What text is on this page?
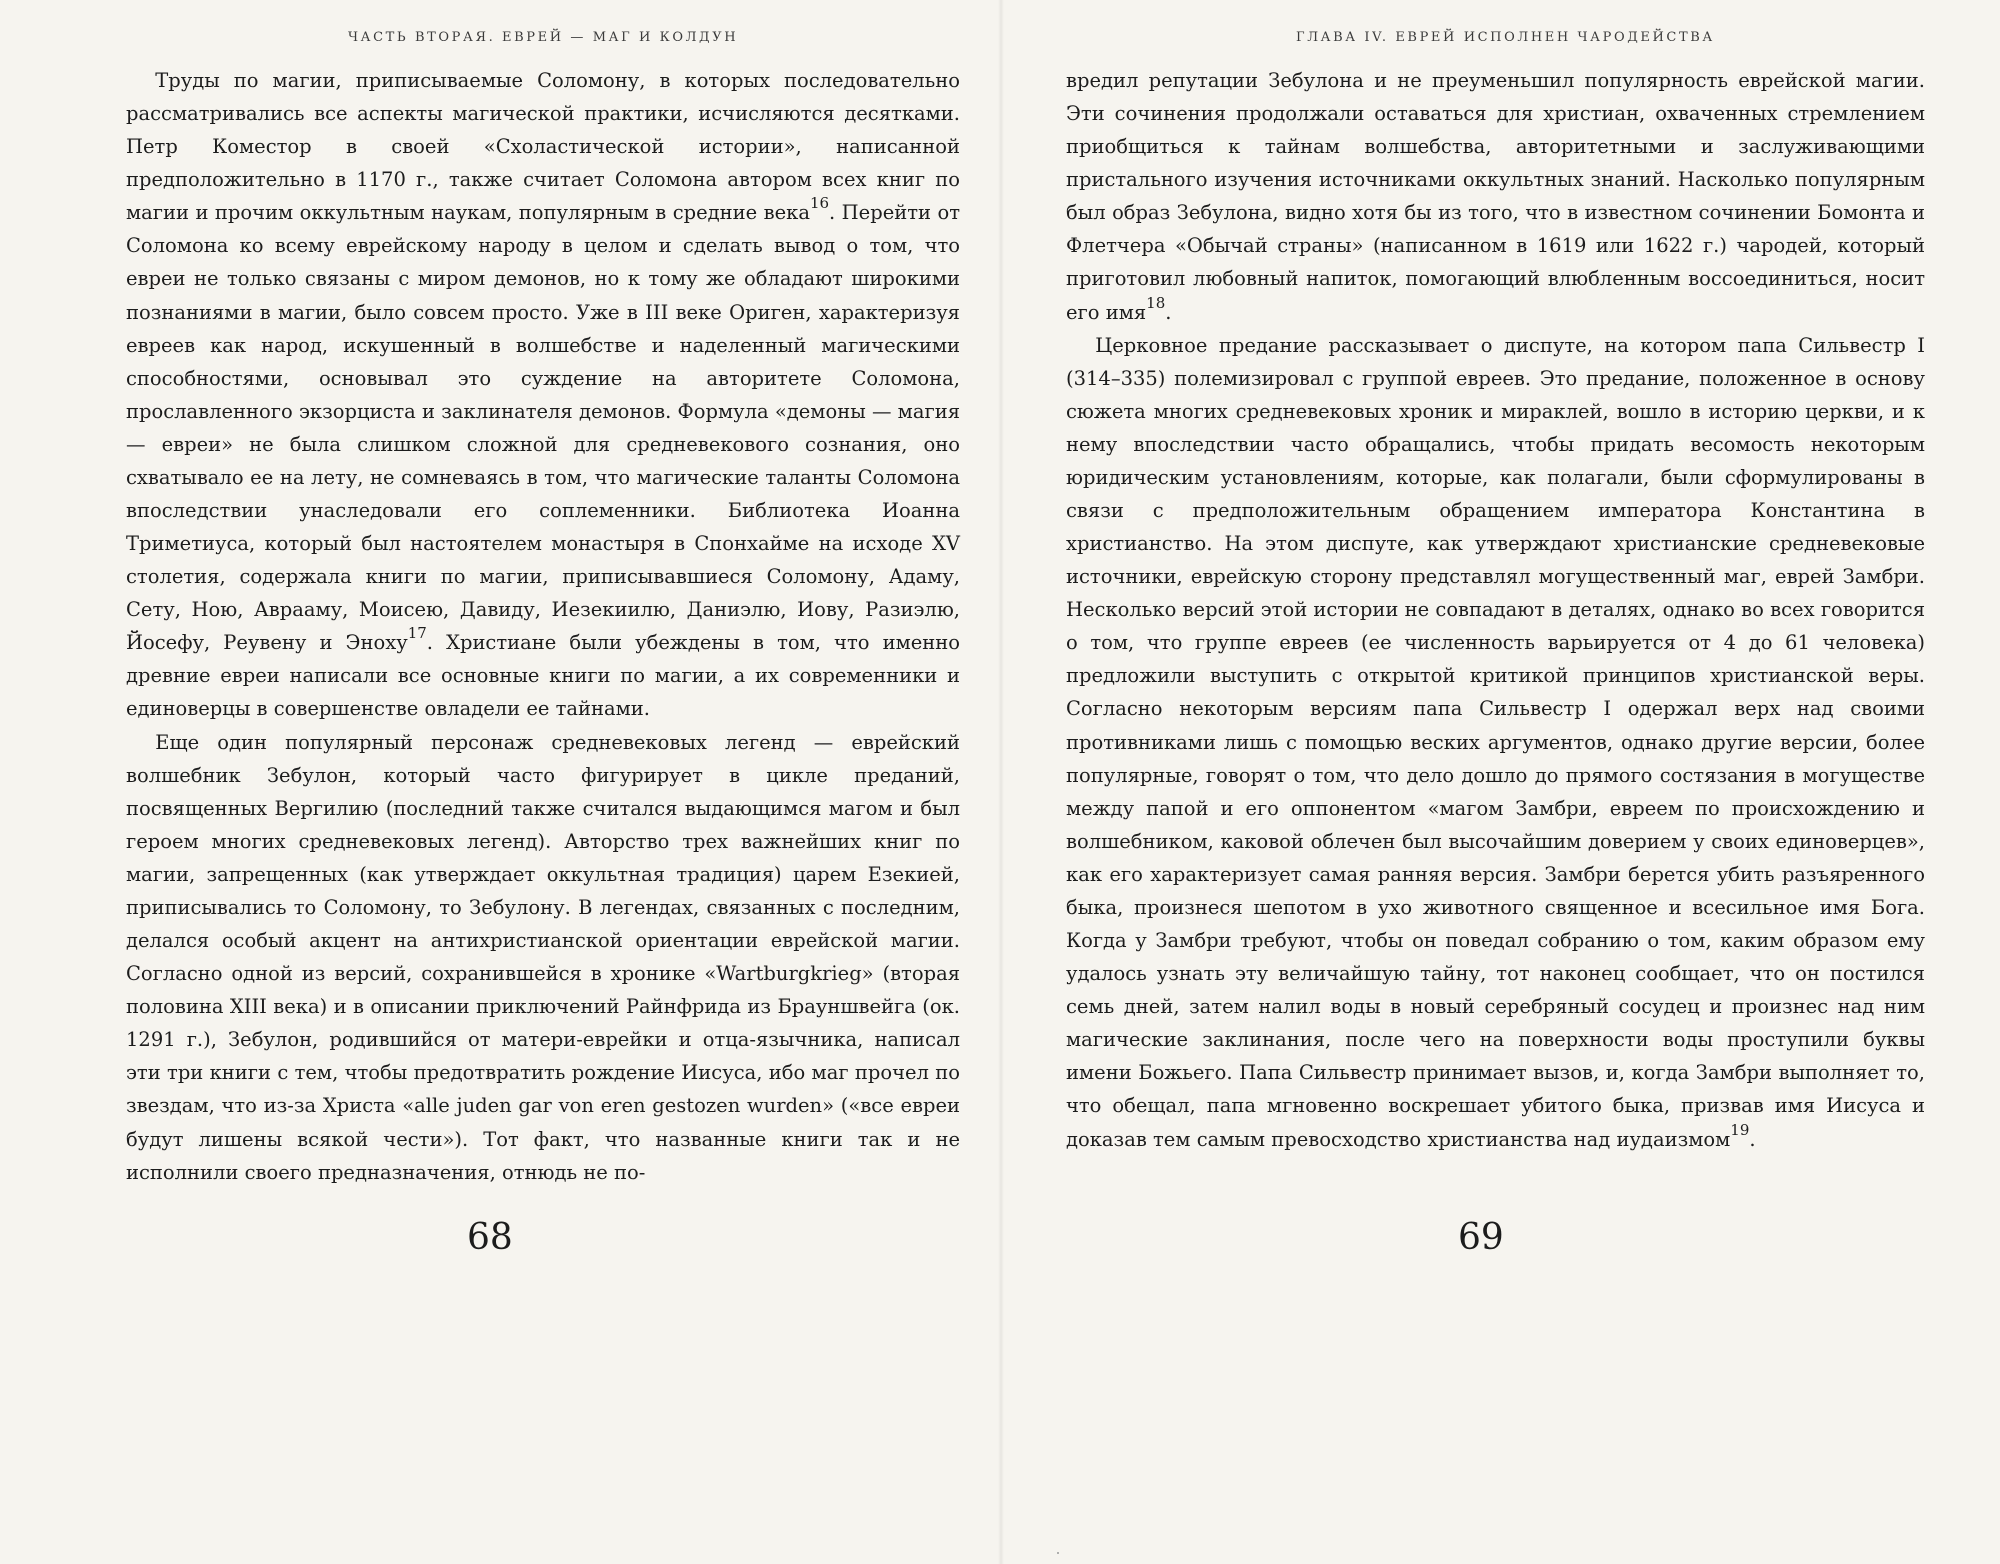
ЧАСТЬ ВТОРАЯ. ЕВРЕЙ — МАГ И КОЛДУН

Труды по магии, приписываемые Соломону, в которых последовательно рассматривались все аспекты магической практики, исчисляются десятками. Петр Коместор в своей «Схоластической истории», написанной предположительно в 1170 г., также считает Соломона автором всех книг по магии и прочим оккультным наукам, популярным в средние века$^{16}$. Перейти от Соломона ко всему еврейскому народу в целом и сделать вывод о том, что евреи не только связаны с миром демонов, но к тому же обладают широкими познаниями в магии, было совсем просто. Уже в III веке Ориген, характеризуя евреев как народ, искушенный в волшебстве и наделенный магическими способностями, основывал это суждение на авторитете Соломона, прославленного экзорциста и заклинателя демонов. Формула «демоны — магия — евреи» не была слишком сложной для средневекового сознания, оно схватывало ее на лету, не сомневаясь в том, что магические таланты Соломона впоследствии унаследовали его соплеменники. Библиотека Иоанна Триметиуса, который был настоятелем монастыря в Спонхайме на исходе XV столетия, содержала книги по магии, приписывавшиеся Соломону, Адаму, Сету, Ною, Аврааму, Моисею, Давиду, Иезекиилю, Даниэлю, Иову, Разиэлю, Йосефу, Реувену и Эноху$^{17}$. Христиане были убеждены в том, что именно древние евреи написали все основные книги по магии, а их современники и единоверцы в совершенстве овладели ее тайнами.

Еще один популярный персонаж средневековых легенд — еврейский волшебник Зебулон, который часто фигурирует в цикле преданий, посвященных Вергилию (последний также считался выдающимся магом и был героем многих средневековых легенд). Авторство трех важнейших книг по магии, запрещенных (как утверждает оккультная традиция) царем Езекией, приписывались то Соломону, то Зебулону. В легендах, связанных с последним, делался особый акцент на антихристианской ориентации еврейской магии. Согласно одной из версий, сохранившейся в хронике «Wartburgkrieg» (вторая половина XIII века) и в описании приключений Райнфрида из Брауншвейга (ок. 1291 г.), Зебулон, родившийся от матери-еврейки и отца-язычника, написал эти три книги с тем, чтобы предотвратить рождение Иисуса, ибо маг прочел по звездам, что из-за Христа «alle juden gar von eren gestozen wurden» («все евреи будут лишены всякой чести»). Тот факт, что названные книги так и не исполнили своего предназначения, отнюдь не по-

68
ГЛАВА IV. ЕВРЕЙ ИСПОЛНЕН ЧАРОДЕЙСТВА

вредил репутации Зебулона и не преуменьшил популярность еврейской магии. Эти сочинения продолжали оставаться для христиан, охваченных стремлением приобщиться к тайнам волшебства, авторитетными и заслуживающими пристального изучения источниками оккультных знаний. Насколько популярным был образ Зебулона, видно хотя бы из того, что в известном сочинении Бомонта и Флетчера «Обычай страны» (написанном в 1619 или 1622 г.) чародей, который приготовил любовный напиток, помогающий влюбленным воссоединиться, носит его имя$^{18}$.

Церковное предание рассказывает о диспуте, на котором папа Сильвестр I (314–335) полемизировал с группой евреев. Это предание, положенное в основу сюжета многих средневековых хроник и мираклей, вошло в историю церкви, и к нему впоследствии часто обращались, чтобы придать весомость некоторым юридическим установлениям, которые, как полагали, были сформулированы в связи с предположительным обращением императора Константина в христианство. На этом диспуте, как утверждают христианские средневековые источники, еврейскую сторону представлял могущественный маг, еврей Замбри. Несколько версий этой истории не совпадают в деталях, однако во всех говорится о том, что группе евреев (ее численность варьируется от 4 до 61 человека) предложили выступить с открытой критикой принципов христианской веры. Согласно некоторым версиям папа Сильвестр I одержал верх над своими противниками лишь с помощью веских аргументов, однако другие версии, более популярные, говорят о том, что дело дошло до прямого состязания в могуществе между папой и его оппонентом «магом Замбри, евреем по происхождению и волшебником, каковой облечен был высочайшим доверием у своих единоверцев», как его характеризует самая ранняя версия. Замбри берется убить разъяренного быка, произнеся шепотом в ухо животного священное и всесильное имя Бога. Когда у Замбри требуют, чтобы он поведал собранию о том, каким образом ему удалось узнать эту величайшую тайну, тот наконец сообщает, что он постился семь дней, затем налил воды в новый серебряный сосудец и произнес над ним магические заклинания, после чего на поверхности воды проступили буквы имени Божьего. Папа Сильвестр принимает вызов, и, когда Замбри выполняет то, что обещал, папа мгновенно воскрешает убитого быка, призвав имя Иисуса и доказав тем самым превосходство христианства над иудаизмом$^{19}$.

69
